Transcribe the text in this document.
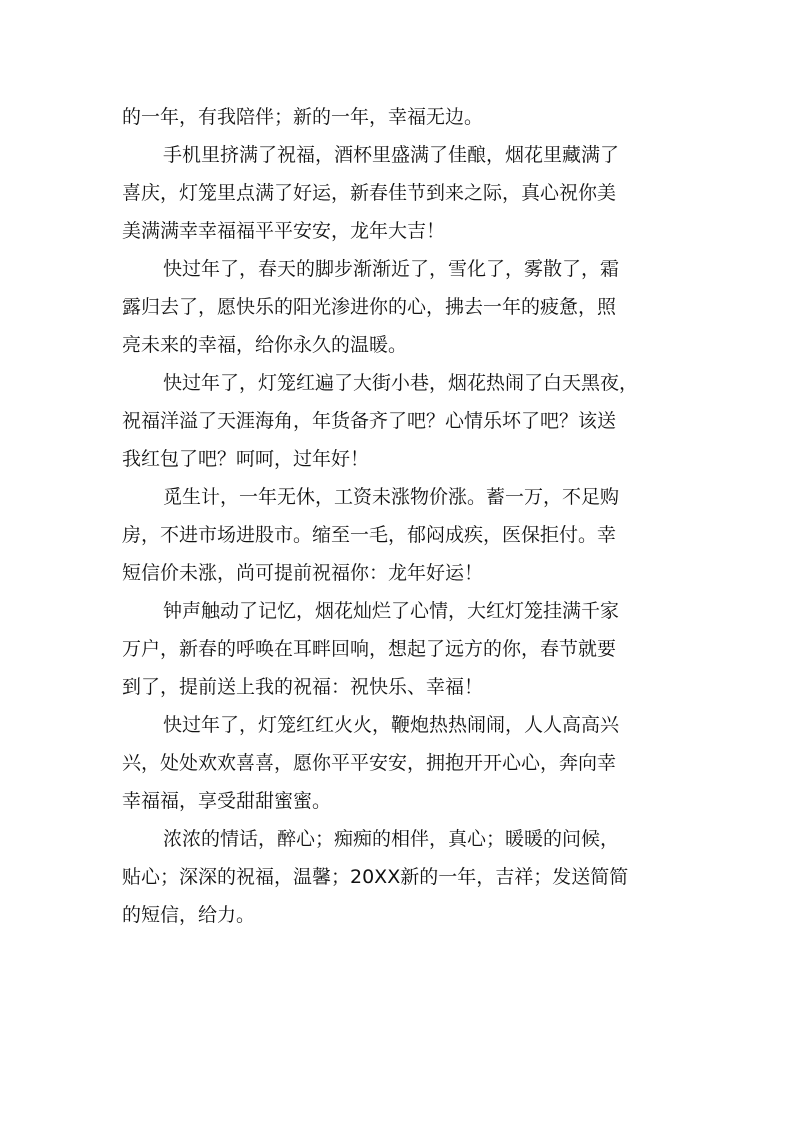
的一年，有我陪伴；新的一年，幸福无边。
手机里挤满了祝福，酒杯里盛满了佳酿，烟花里藏满了
喜庆，灯笼里点满了好运，新春佳节到来之际，真心祝你美
美满满幸幸福福平平安安，龙年大吉！
快过年了，春天的脚步渐渐近了，雪化了，雾散了，霜
露归去了，愿快乐的阳光渗进你的心，拂去一年的疲惫，照
亮未来的幸福，给你永久的温暖。
快过年了，灯笼红遍了大街小巷，烟花热闹了白天黑夜，
祝福洋溢了天涯海角，年货备齐了吧？心情乐坏了吧？该送
我红包了吧？呵呵，过年好！
觅生计，一年无休，工资未涨物价涨。蓄一万，不足购
房，不进市场进股市。缩至一毛，郁闷成疾，医保拒付。幸
短信价未涨，尚可提前祝福你：龙年好运！
钟声触动了记忆，烟花灿烂了心情，大红灯笼挂满千家
万户，新春的呼唤在耳畔回响，想起了远方的你，春节就要
到了，提前送上我的祝福：祝快乐、幸福！
快过年了，灯笼红红火火，鞭炮热热闹闹，人人高高兴
兴，处处欢欢喜喜，愿你平平安安，拥抱开开心心，奔向幸
幸福福，享受甜甜蜜蜜。
浓浓的情话，醉心；痴痴的相伴，真心；暖暖的问候，
贴心；深深的祝福，温馨；20XX新的一年，吉祥；发送简简
的短信，给力。
